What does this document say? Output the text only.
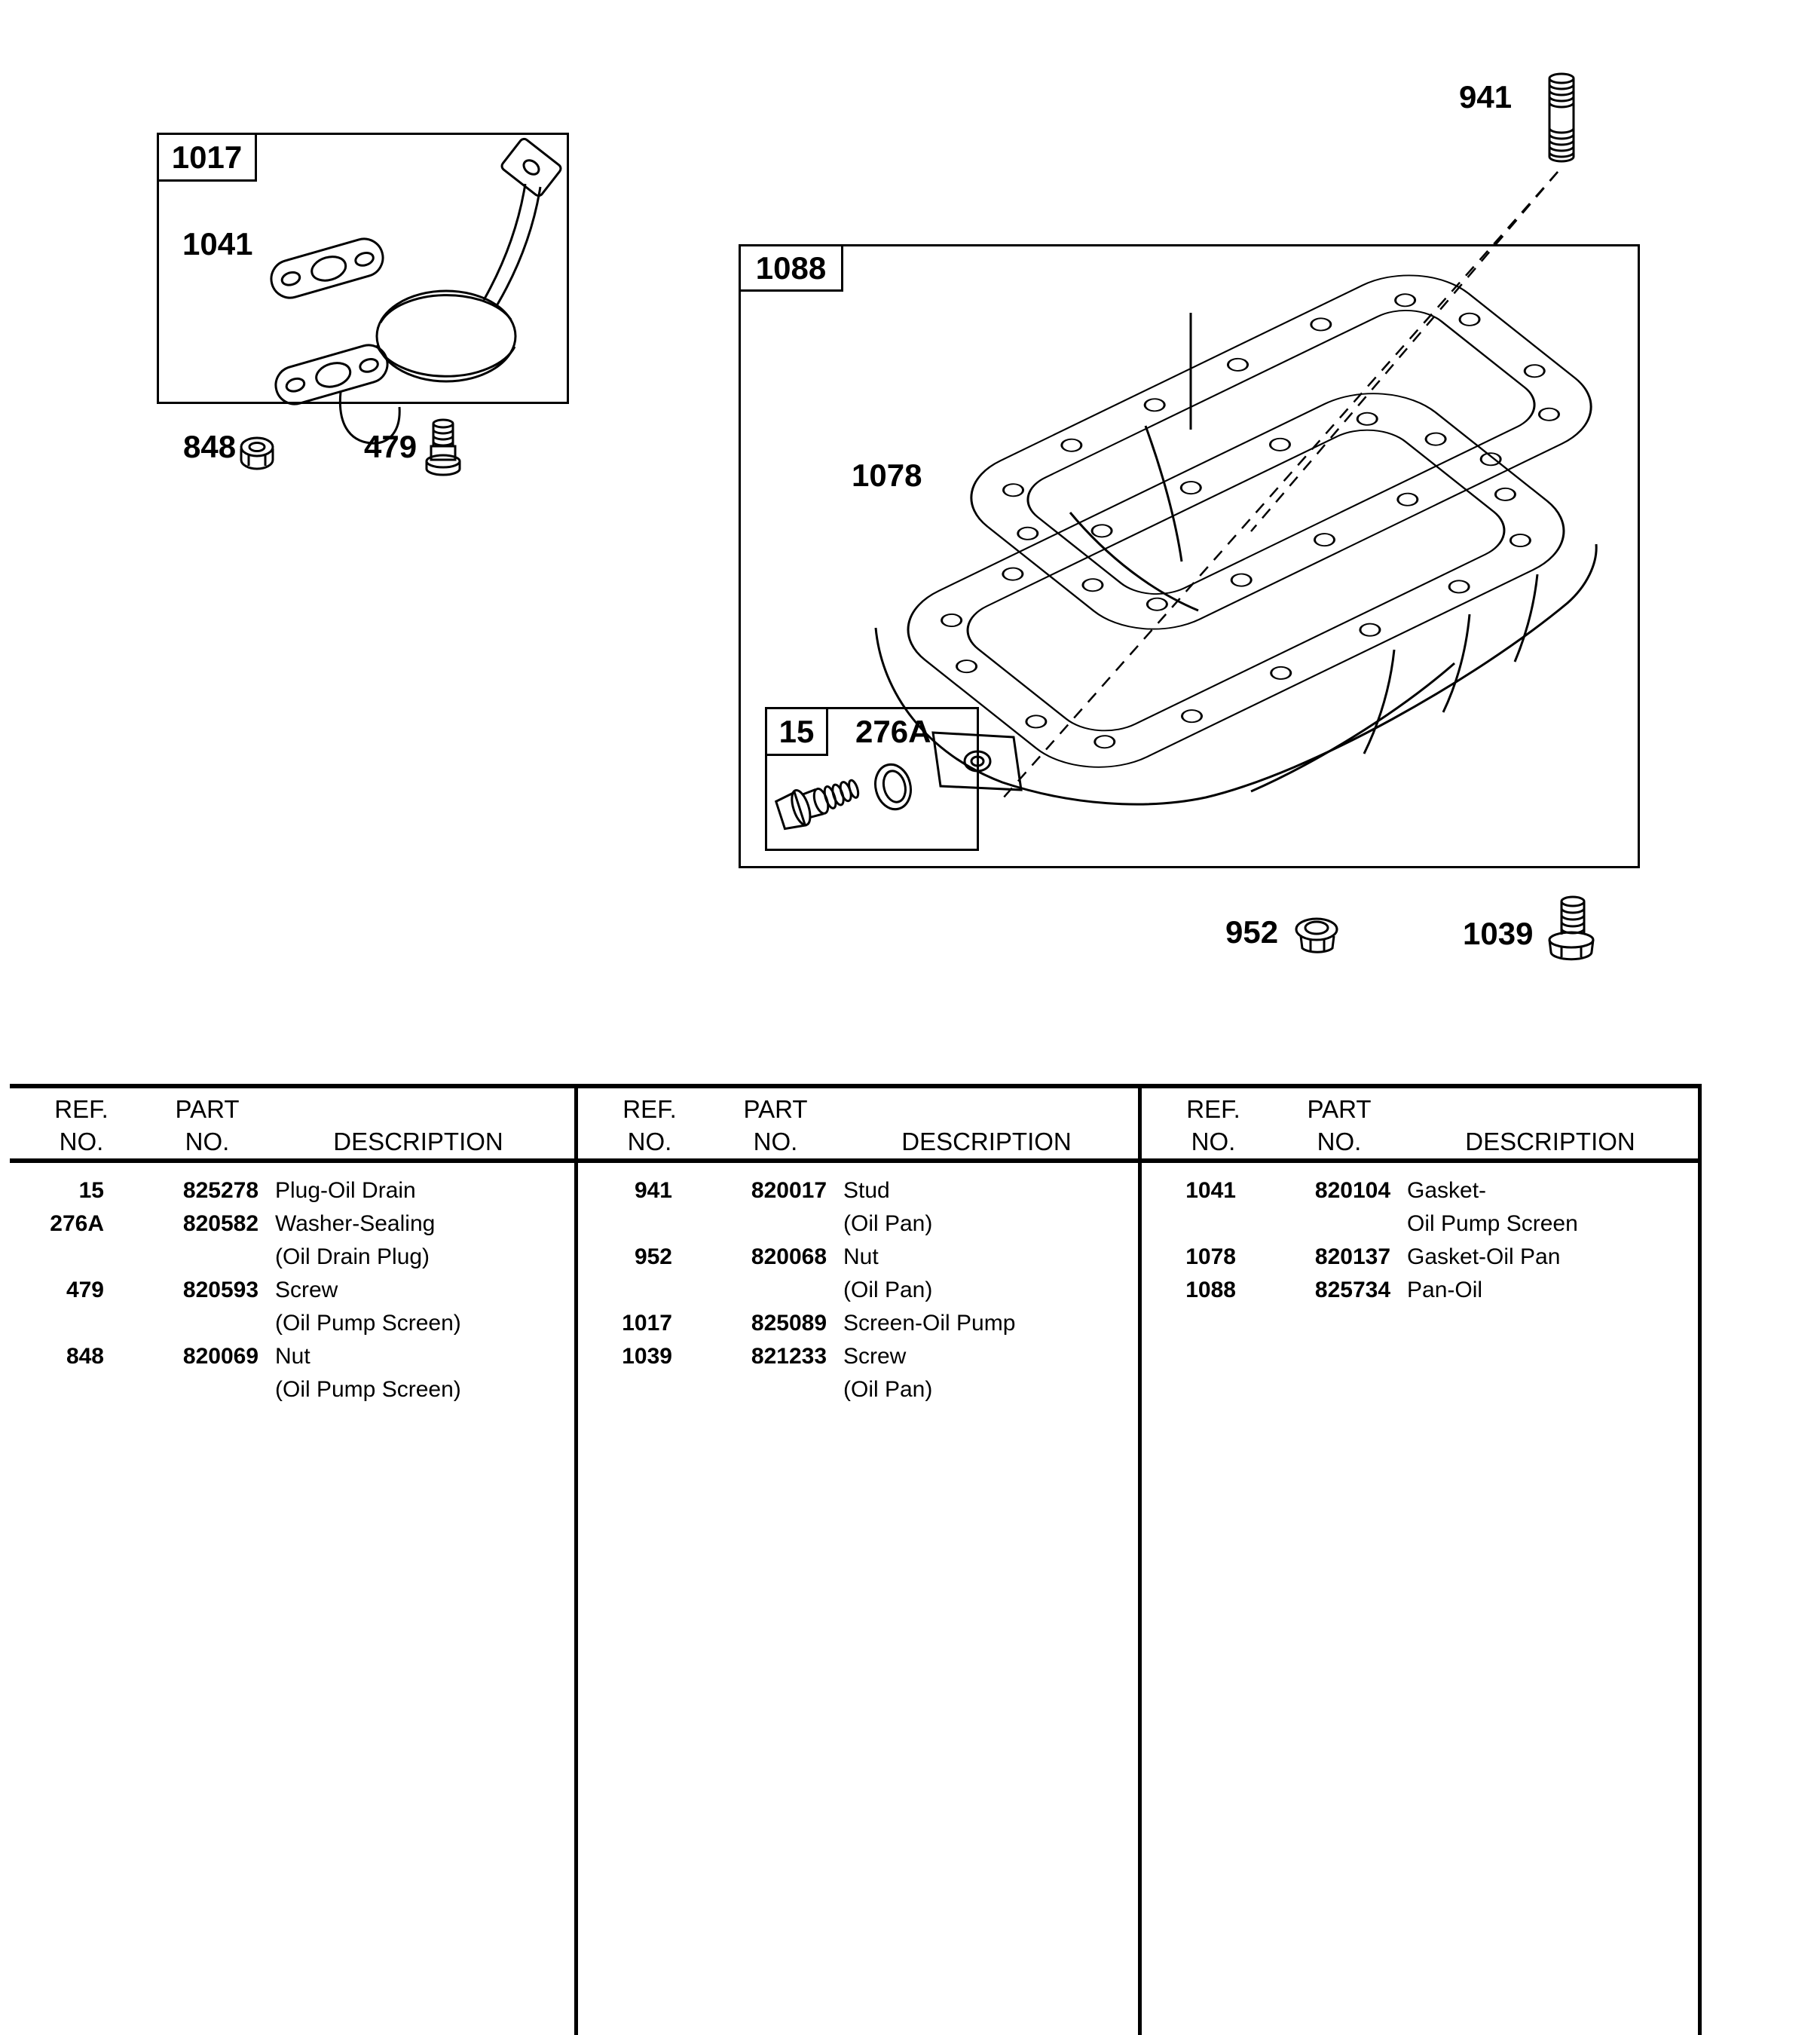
1017
1088
15
1041
848	479
941
1078
276A
952	1039
REF.
NO.
PART
NO.	DESCRIPTION
15	825278 Plug-Oil Drain
276A	820582 Washer-Sealing
(Oil Drain Plug)
479	820593 Screw
(Oil Pump Screen)
848	820069 Nut
(Oil Pump Screen)
REF.
NO.
PART
NO.	DESCRIPTION
941	820017 Stud
(Oil Pan)
952	820068 Nut
(Oil Pan)
1017	825089 Screen-Oil Pump
1039	821233 Screw
(Oil Pan)
REF.
NO.
PART
NO.	DESCRIPTION
1041	820104 Gasket-
Oil Pump Screen
1078	820137 Gasket-Oil Pan
1088	825734 Pan-Oil
